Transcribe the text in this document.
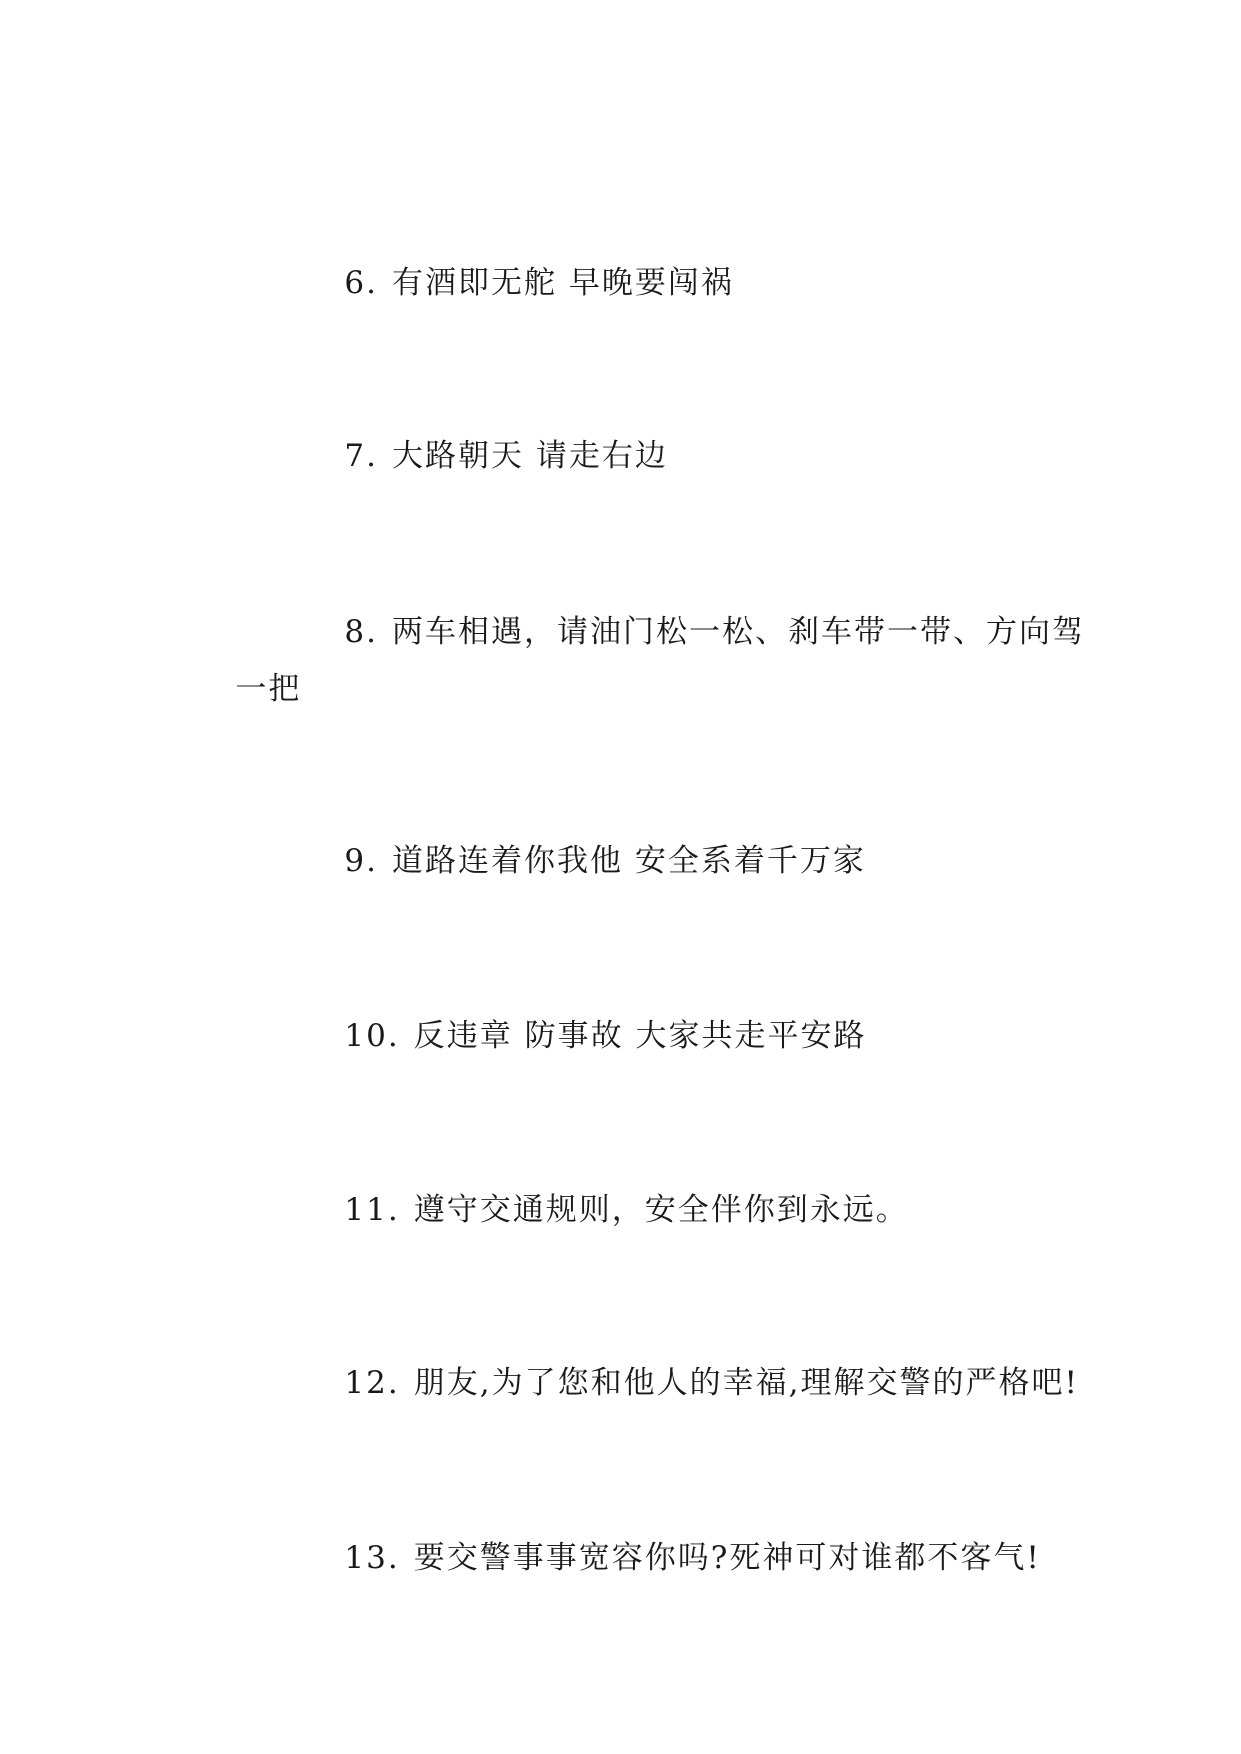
6. 有酒即无舵 早晚要闯祸

7. 大路朝天 请走右边

8. 两车相遇，请油门松一松、刹车带一带、方向驾

一把

9. 道路连着你我他 安全系着千万家

10. 反违章 防事故 大家共走平安路

11. 遵守交通规则，安全伴你到永远。

12. 朋友,为了您和他人的幸福,理解交警的严格吧!

13. 要交警事事宽容你吗?死神可对谁都不客气!
